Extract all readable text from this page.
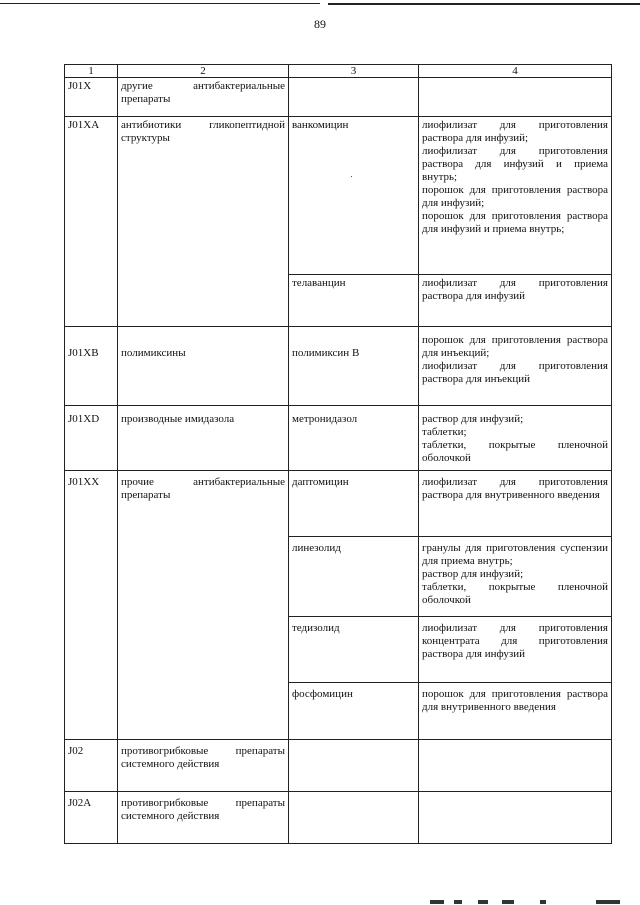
89
1	2	3	4
J01X	другие антибактериальные препараты		
J01XA	антибиотики гликопептидной структуры	ванкомицин	лиофилизат для приготовления раствора для инфузий;
лиофилизат для приготовления раствора для инфузий и приема внутрь;
порошок для приготовления раствора для инфузий;
порошок для приготовления раствора для инфузий и приема внутрь;

		телаванцин	лиофилизат для приготовления раствора для инфузий

J01XB	полимиксины	полимиксин В	порошок для приготовления раствора для инъекций;
лиофилизат для приготовления раствора для инъекций

J01XD	производные имидазола	метронидазол	раствор для инфузий;
таблетки;
таблетки, покрытые пленочной оболочкой

J01XX	прочие антибактериальные препараты	даптомицин	лиофилизат для приготовления раствора для внутривенного введения

		линезолид	гранулы для приготовления суспензии для приема внутрь;
раствор для инфузий;
таблетки, покрытые пленочной оболочкой

		тедизолид	лиофилизат для приготовления концентрата для приготовления раствора для инфузий

		фосфомицин	порошок для приготовления раствора для внутривенного введения

J02	противогрибковые препараты системного действия		
J02A	противогрибковые препараты системного действия		
